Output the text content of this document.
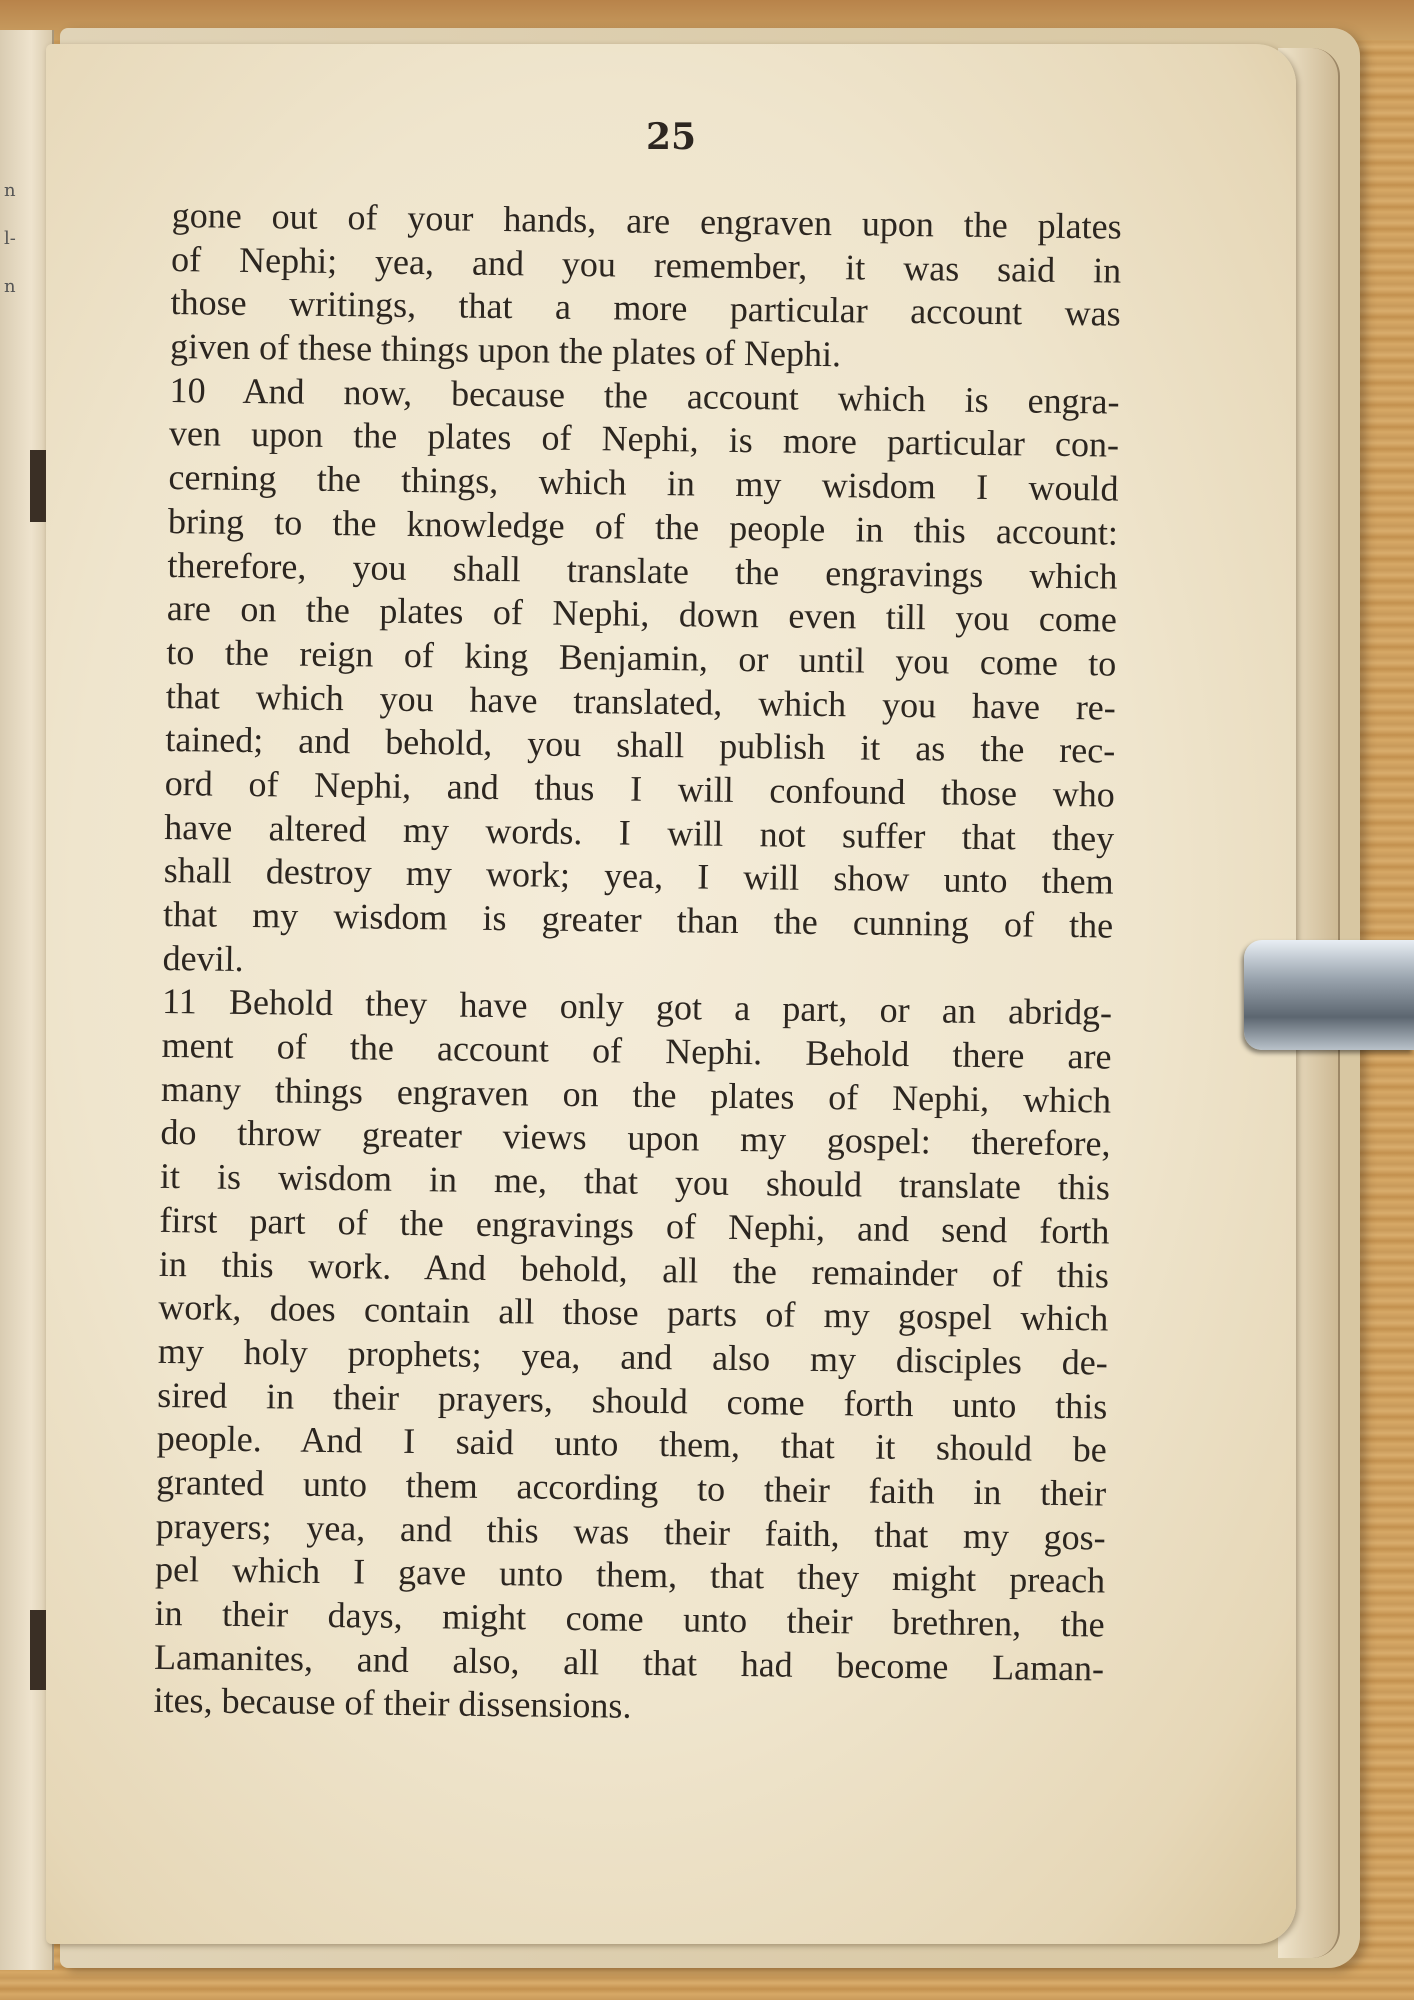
n
l-
n
25
gone out of your hands, are engraven upon the plates
of Nephi; yea, and you remember, it was said in
those writings, that a more particular account was
given of these things upon the plates of Nephi.
10 And now, because the account which is engra-
ven upon the plates of Nephi, is more particular con-
cerning the things, which in my wisdom I would
bring to the knowledge of the people in this account:
therefore, you shall translate the engravings which
are on the plates of Nephi, down even till you come
to the reign of king Benjamin, or until you come to
that which you have translated, which you have re-
tained; and behold, you shall publish it as the rec-
ord of Nephi, and thus I will confound those who
have altered my words. I will not suffer that they
shall destroy my work; yea, I will show unto them
that my wisdom is greater than the cunning of the
devil.
11 Behold they have only got a part, or an abridg-
ment of the account of Nephi. Behold there are
many things engraven on the plates of Nephi, which
do throw greater views upon my gospel: therefore,
it is wisdom in me, that you should translate this
first part of the engravings of Nephi, and send forth
in this work. And behold, all the remainder of this
work, does contain all those parts of my gospel which
my holy prophets; yea, and also my disciples de-
sired in their prayers, should come forth unto this
people. And I said unto them, that it should be
granted unto them according to their faith in their
prayers; yea, and this was their faith, that my gos-
pel which I gave unto them, that they might preach
in their days, might come unto their brethren, the
Lamanites, and also, all that had become Laman-
ites, because of their dissensions.
